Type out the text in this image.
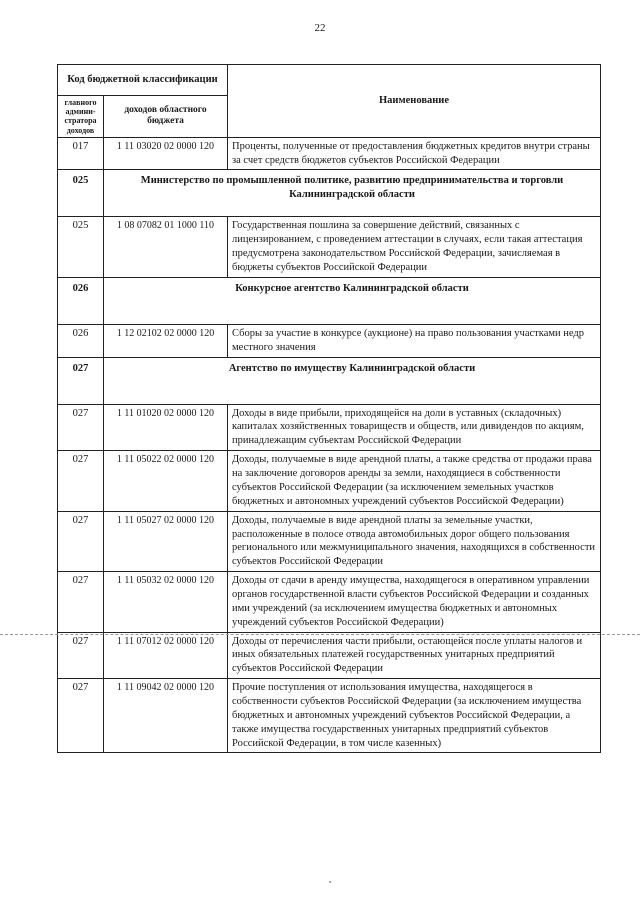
22
Код бюджетной классификации		Наименование
главного админи-стратора доходов	доходов областного бюджета	
017	1 11 03020 02 0000 120	Проценты, полученные от предоставления бюджетных кредитов внутри страны за счет средств бюджетов субъектов Российской Федерации
025	Министерство по промышленной политике, развитию предпринимательства и торговли Калининградской области	
025	1 08 07082 01 1000 110	Государственная пошлина за совершение действий, связанных с лицензированием, с проведением аттестации в случаях, если такая аттестация предусмотрена законодательством Российской Федерации, зачисляемая в бюджеты субъектов Российской Федерации
026	Конкурсное агентство Калининградской области	
026	1 12 02102 02 0000 120	Сборы за участие в конкурсе (аукционе) на право пользования участками недр местного значения
027	Агентство по имуществу Калининградской области	
027	1 11 01020 02 0000 120	Доходы в виде прибыли, приходящейся на доли в уставных (складочных) капиталах хозяйственных товариществ и обществ, или дивидендов по акциям, принадлежащим субъектам Российской Федерации
027	1 11 05022 02 0000 120	Доходы, получаемые в виде арендной платы, а также средства от продажи права на заключение договоров аренды за земли, находящиеся в собственности субъектов Российской Федерации (за исключением земельных участков бюджетных и автономных учреждений субъектов Российской Федерации)
027	1 11 05027 02 0000 120	Доходы, получаемые в виде арендной платы за земельные участки, расположенные в полосе отвода автомобильных дорог общего пользования регионального или межмуниципального значения, находящихся в собственности субъектов Российской Федерации
027	1 11 05032 02 0000 120	Доходы от сдачи в аренду имущества, находящегося в оперативном управлении органов государственной власти субъектов Российской Федерации и созданных ими учреждений (за исключением имущества бюджетных и автономных учреждений субъектов Российской Федерации)
027	1 11 07012 02 0000 120	Доходы от перечисления части прибыли, остающейся после уплаты налогов и иных обязательных платежей государственных унитарных предприятий субъектов Российской Федерации
027	1 11 09042 02 0000 120	Прочие поступления от использования имущества, находящегося в собственности субъектов Российской Федерации (за исключением имущества бюджетных и автономных учреждений субъектов Российской Федерации, а также имущества государственных унитарных предприятий субъектов Российской Федерации, в том числе казенных)
